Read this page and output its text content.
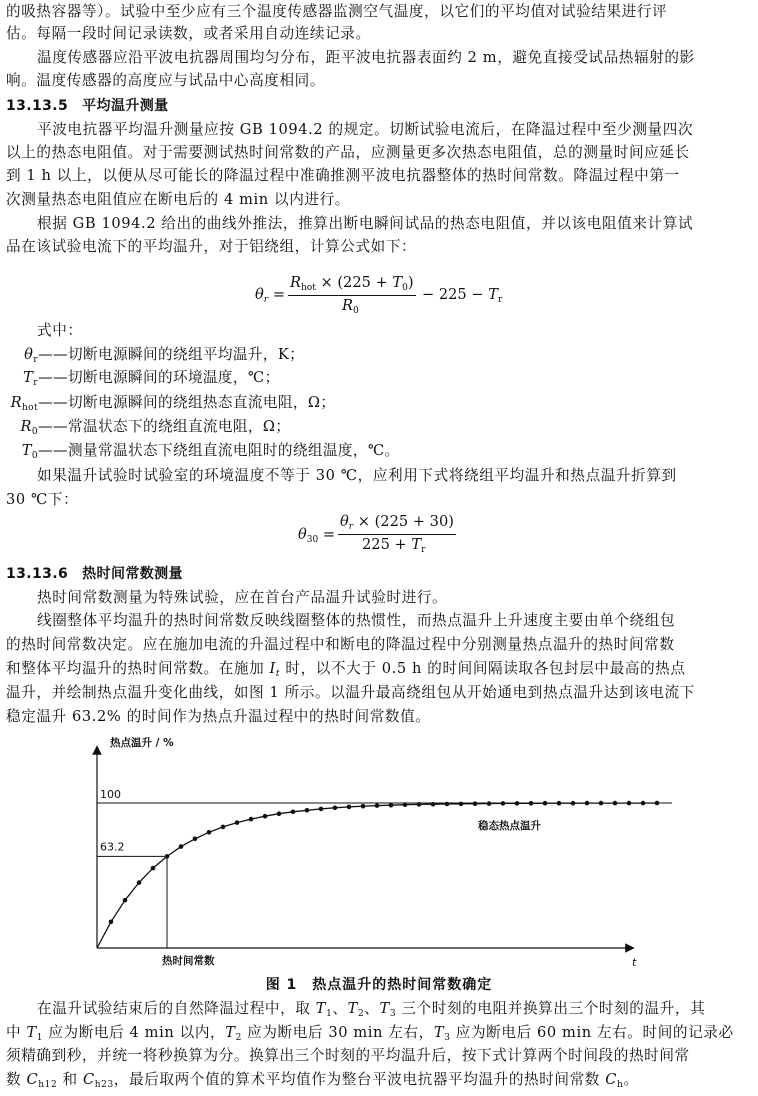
的吸热容器等）。试验中至少应有三个温度传感器监测空气温度，以它们的平均值对试验结果进行评
估。每隔一段时间记录读数，或者采用自动连续记录。
温度传感器应沿平波电抗器周围均匀分布，距平波电抗器表面约 2 m，避免直接受试品热辐射的影
响。温度传感器的高度应与试品中心高度相同。
13.13.5 平均温升测量
平波电抗器平均温升测量应按 GB 1094.2 的规定。切断试验电流后，在降温过程中至少测量四次
以上的热态电阻值。对于需要测试热时间常数的产品，应测量更多次热态电阻值，总的测量时间应延长
到 1 h 以上，以便从尽可能长的降温过程中准确推测平波电抗器整体的热时间常数。降温过程中第一
次测量热态电阻值应在断电后的 4 min 以内进行。
根据 GB 1094.2 给出的曲线外推法，推算出断电瞬间试品的热态电阻值，并以该电阻值来计算试
品在该试验电流下的平均温升，对于铝绕组，计算公式如下：
$\theta_r$ =
$R_{hot} \times (225 + T_0)$
$R_0$
− $225 - T_r$
式中：
$\theta_r——$切断电源瞬间的绕组平均温升，K；
$T_r——$切断电源瞬间的环境温度，℃；
$R_{hot}——$切断电源瞬间的绕组热态直流电阻，Ω；
$R_0——$常温状态下的绕组直流电阻，Ω；
$T_0——$测量常温状态下绕组直流电阻时的绕组温度，℃。
如果温升试验时试验室的环境温度不等于 30 ℃，应利用下式将绕组平均温升和热点温升折算到
30 ℃下：
$\theta_{30}$ =
$\theta_r \times (225 + 30)$
$225 + T_r$
13.13.6 热时间常数测量
热时间常数测量为特殊试验，应在首台产品温升试验时进行。
线圈整体平均温升的热时间常数反映线圈整体的热惯性，而热点温升上升速度主要由单个绕组包
的热时间常数决定。应在施加电流的升温过程中和断电的降温过程中分别测量热点温升的热时间常数
和整体平均温升的热时间常数。在施加 $I_t$ 时，以不大于 0.5 h 的时间间隔读取各包封层中最高的热点
温升，并绘制热点温升变化曲线，如图 1 所示。以温升最高绕组包从开始通电到热点温升达到该电流下
稳定温升 63.2% 的时间作为热点升温过程中的热时间常数值。
热点温升 / %
100
63.2
稳态热点温升
热时间常数	t
图 1　热点温升的热时间常数确定
在温升试验结束后的自然降温过程中，取 $T_1$、$T_2$、$T_3$ 三个时刻的电阻并换算出三个时刻的温升，其
中 $T_1$ 应为断电后 4 min 以内，$T_2$ 应为断电后 30 min 左右，$T_3$ 应为断电后 60 min 左右。时间的记录必
须精确到秒，并统一将秒换算为分。换算出三个时刻的平均温升后，按下式计算两个时间段的热时间常
数 $C_{h12}$ 和 $C_{h23}$，最后取两个值的算术平均值作为整台平波电抗器平均温升的热时间常数 $C_h$。
